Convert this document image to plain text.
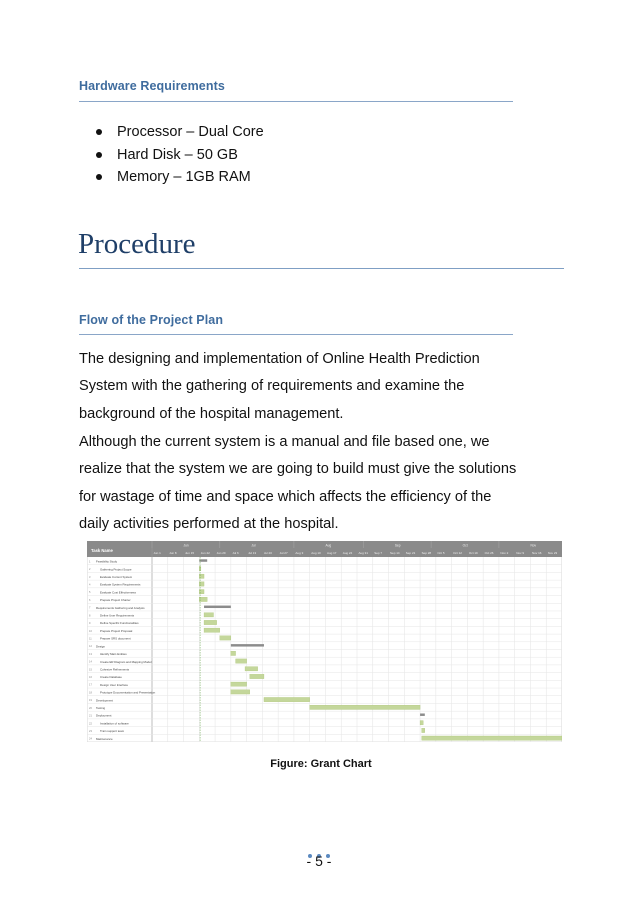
Hardware Requirements
Processor – Dual Core
Hard Disk – 50 GB
Memory – 1GB RAM
Procedure
Flow of the Project Plan
The designing and implementation of Online Health Prediction
System with the gathering of requirements and examine the
background of the hospital management.
Although the current system is a manual and file based one, we
realize that the system we are going to build must give the solutions
for wastage of time and space which affects the efficiency of the
daily activities performed at the hospital.
Task Name
Jun	Jul	Aug	Sep	Oct	Nov
Jun 1	Jun 8	Jun 15 Jun 22 Jun 29 Jul 6	Jul 13	Jul 20	Jul 27	Aug 3	Aug 10 Aug 17 Aug 24 Aug 31 Sep 7	Sep 14 Sep 21 Sep 28 Oct 5	Oct 12 Oct 19 Oct 26 Nov 2	Nov 9	Nov 16 Nov 23
1 Feasibility Study
2	Gathering Project Scope
3	Evaluate Current System
4	Evaluate System Requirements
5	Evaluate Cost Effectiveness
6	Prepare Project Charter
7 Requirements Gathering and Analysis
8	Define User Requirements
9	Define Specific Functionalities
10	Prepare Project Proposal
11	Prepare SRS document
12 Design
13	Identify Main Entities
14	Create ER Diagram and Mapping Model
15	Cohesive Refinements
16	Create Database
17	Design User Interface
18	Prototype Documentation and Presentation
19 Development
20 Testing
21 Deployment
22	Installation of software
23	Train support team
24 Maintenance
Figure: Grant Chart
- 5 -
